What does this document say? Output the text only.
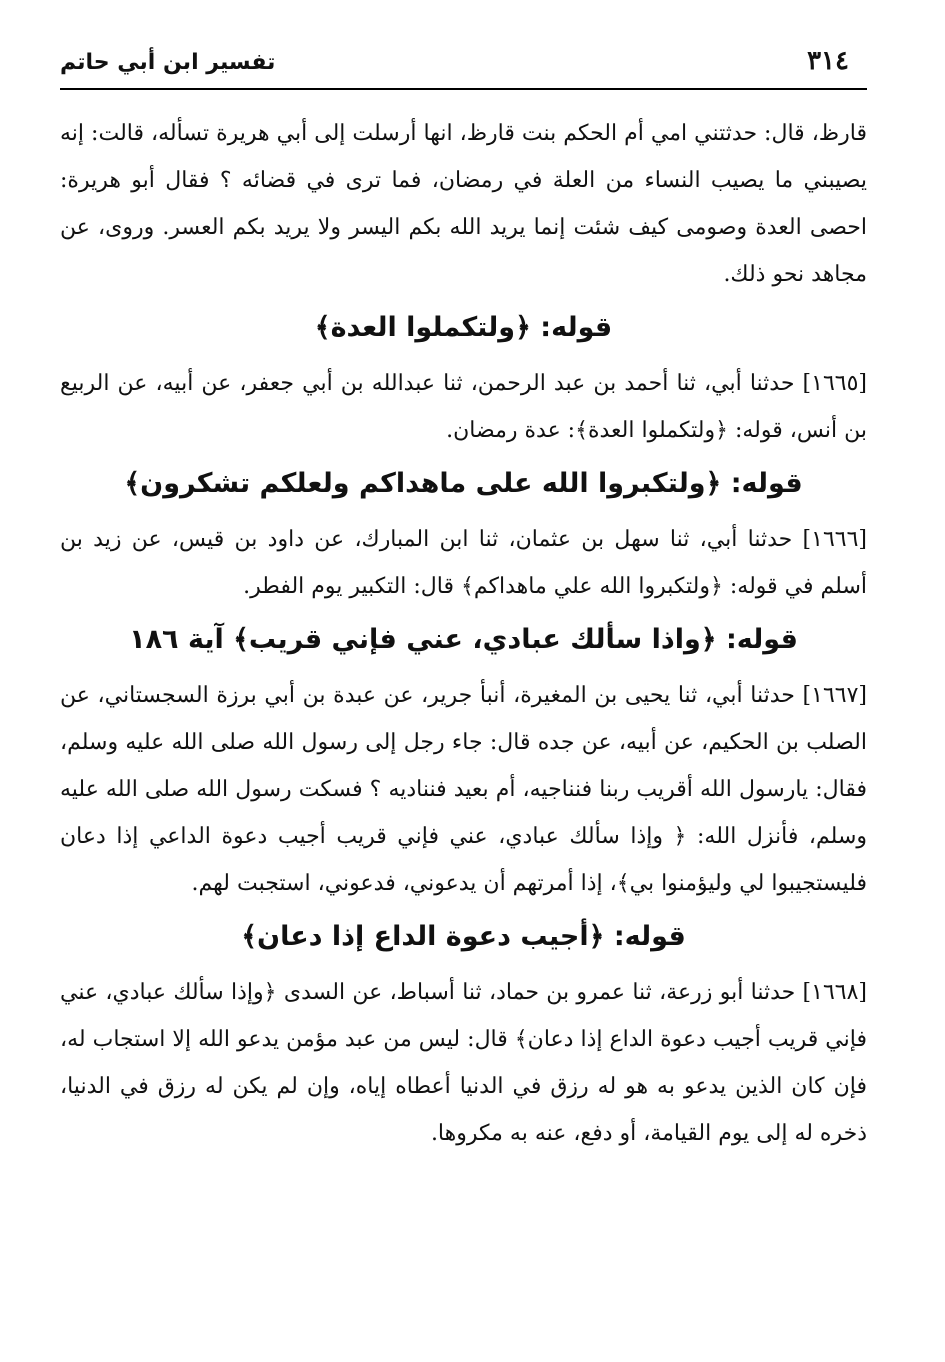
٣١٤
تفسير ابن أبي حاتم

قارظ، قال: حدثتني امي أم الحكم بنت قارظ، انها أرسلت إلى أبي هريرة تسأله، قالت: إنه يصيبني ما يصيب النساء من العلة في رمضان، فما ترى في قضائه ؟ فقال أبو هريرة: احصى العدة وصومى كيف شئت إنما يريد الله بكم اليسر ولا يريد بكم العسر. وروى، عن مجاهد نحو ذلك.

قوله: ﴿ولتكملوا العدة﴾

[١٦٦٥] حدثنا أبي، ثنا أحمد بن عبد الرحمن، ثنا عبدالله بن أبي جعفر، عن أبيه، عن الربيع بن أنس، قوله: ﴿ولتكملوا العدة﴾: عدة رمضان.

قوله: ﴿ولتكبروا الله على ماهداكم ولعلكم تشكرون﴾

[١٦٦٦] حدثنا أبي، ثنا سهل بن عثمان، ثنا ابن المبارك، عن داود بن قيس، عن زيد بن أسلم في قوله: ﴿ولتكبروا الله علي ماهداكم﴾ قال: التكبير يوم الفطر.

قوله: ﴿واذا سألك عبادي، عني فإني قريب﴾ آية ١٨٦

[١٦٦٧] حدثنا أبي، ثنا يحيى بن المغيرة، أنبأ جرير، عن عبدة بن أبي برزة السجستاني، عن الصلب بن الحكيم، عن أبيه، عن جده قال: جاء رجل إلى رسول الله صلى الله عليه وسلم، فقال: يارسول الله أقريب ربنا فنناجيه، أم بعيد فنناديه ؟ فسكت رسول الله صلى الله عليه وسلم، فأنزل الله: ﴿ وإذا سألك عبادي، عني فإني قريب أجيب دعوة الداعي إذا دعان فليستجيبوا لي وليؤمنوا بي﴾، إذا أمرتهم أن يدعوني، فدعوني، استجبت لهم.

قوله: ﴿أجيب دعوة الداع إذا دعان﴾

[١٦٦٨] حدثنا أبو زرعة، ثنا عمرو بن حماد، ثنا أسباط، عن السدى ﴿وإذا سألك عبادي، عني فإني قريب أجيب دعوة الداع إذا دعان﴾ قال: ليس من عبد مؤمن يدعو الله إلا استجاب له، فإن كان الذين يدعو به هو له رزق في الدنيا أعطاه إياه، وإن لم يكن له رزق في الدنيا، ذخره له إلى يوم القيامة، أو دفع، عنه به مكروها.
